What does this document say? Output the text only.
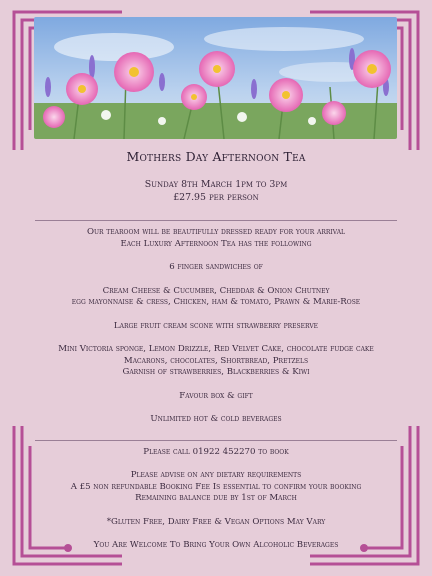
Mothers Day Afternoon Tea
Sunday 8th March 1pm to 3pm
£27.95 per person
Our tearoom will be beautifully dressed ready for your arrival
Each Luxury Afternoon Tea has the following
6 finger sandwiches of
Cream Cheese & Cucumber, Cheddar & Onion Chutney
egg mayonnaise & cress, Chicken, ham & tomato, Prawn & Marie-Rose
Large fruit cream scone with strawberry preserve
Mini Victoria sponge, Lemon Drizzle, Red Velvet Cake, chocolate fudge cake
Macarons, chocolates, Shortbread, Pretzels
Garnish of strawberries, Blackberries & Kiwi
Favour box & gift
Unlimited hot & cold beverages
Please call 01922 452270 to book
Please advise on any dietary requirements
A £5 non refundable Booking Fee Is essential to confirm your booking
Remaining balance due by 1st of March
*Gluten Free, Dairy Free & Vegan Options May Vary
You Are Welcome To Bring Your Own Alcoholic Beverages
